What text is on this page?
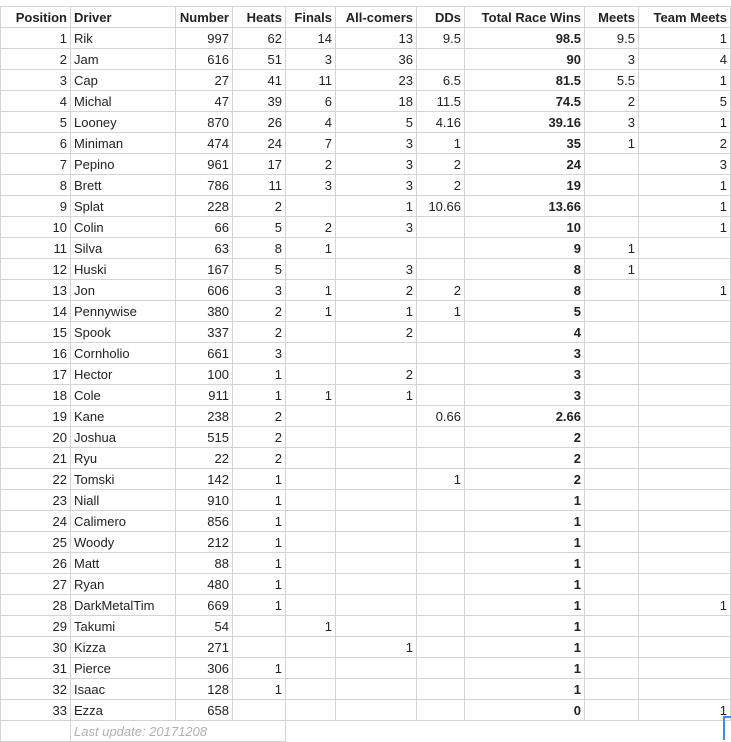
Position	Driver	Number	Heats	Finals	All-comers	DDs	Total Race Wins	Meets	Team Meets
1	Rik	997	62	14	13	9.5	98.5	9.5	1
2	Jam	616	51	3	36		90	3	4
3	Cap	27	41	11	23	6.5	81.5	5.5	1
4	Michal	47	39	6	18	11.5	74.5	2	5
5	Looney	870	26	4	5	4.16	39.16	3	1
6	Miniman	474	24	7	3	1	35	1	2
7	Pepino	961	17	2	3	2	24		3
8	Brett	786	11	3	3	2	19		1
9	Splat	228	2		1	10.66	13.66		1
10	Colin	66	5	2	3		10		1
11	Silva	63	8	1			9	1	
12	Huski	167	5		3		8	1	
13	Jon	606	3	1	2	2	8		1
14	Pennywise	380	2	1	1	1	5		
15	Spook	337	2		2		4		
16	Cornholio	661	3				3		
17	Hector	100	1		2		3		
18	Cole	911	1	1	1		3		
19	Kane	238	2			0.66	2.66		
20	Joshua	515	2				2		
21	Ryu	22	2				2		
22	Tomski	142	1			1	2		
23	Niall	910	1				1		
24	Calimero	856	1				1		
25	Woody	212	1				1		
26	Matt	88	1				1		
27	Ryan	480	1				1		
28	DarkMetalTim	669	1				1		1
29	Takumi	54		1			1		
30	Kizza	271			1		1		
31	Pierce	306	1				1		
32	Isaac	128	1				1		
33	Ezza	658					0		1
	Last update: 20171208								
